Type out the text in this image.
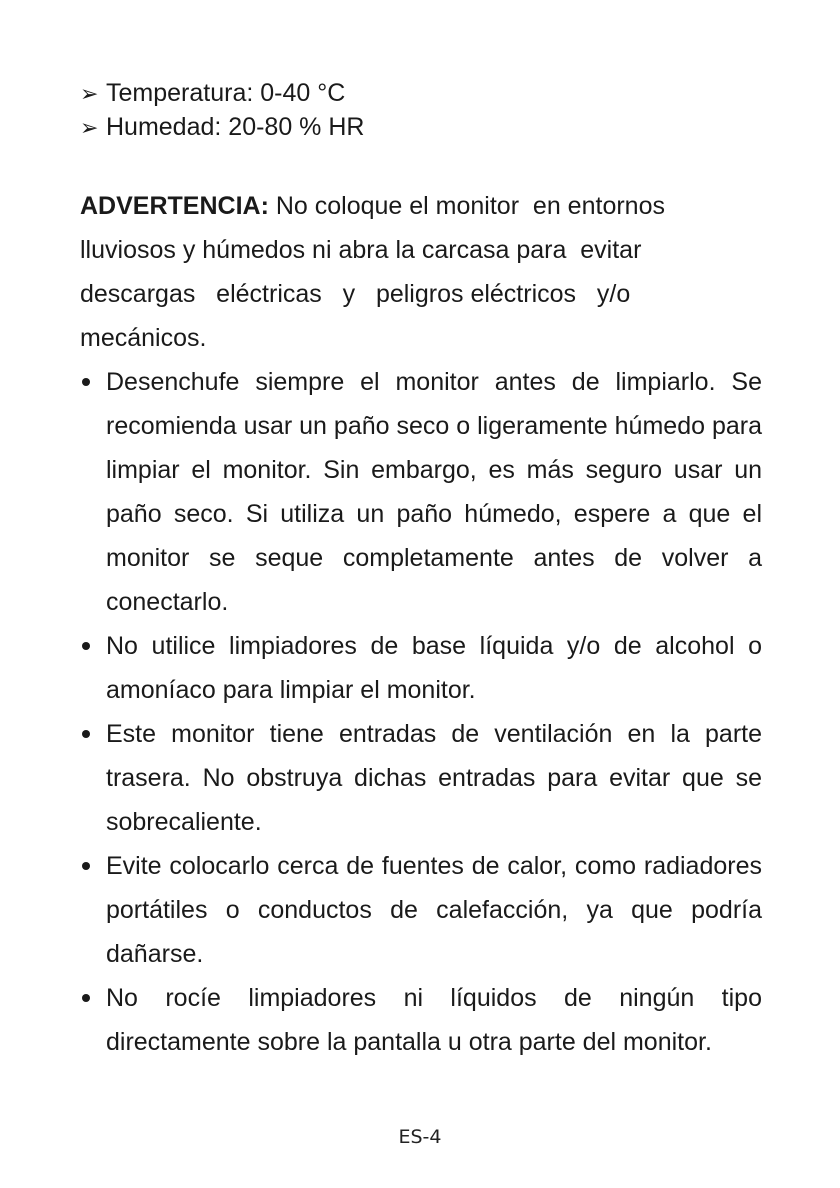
➢ Temperatura: 0-40 °C
➢ Humedad: 20-80 % HR

ADVERTENCIA: No coloque el monitor  en entornos lluviosos y húmedos ni abra la carcasa para  evitar  descargas   eléctricas   y   peligros eléctricos   y/o   mecánicos.

Desenchufe siempre el monitor antes de limpiarlo. Se recomienda usar un paño seco o ligeramente húmedo para limpiar el monitor. Sin embargo, es más seguro usar un paño seco. Si utiliza un paño húmedo, espere a que el monitor se seque completamente antes de volver a conectarlo.
No utilice limpiadores de base líquida y/o de alcohol o amoníaco para limpiar el monitor.
Este monitor tiene entradas de ventilación en la parte trasera. No obstruya dichas entradas para evitar que se sobrecaliente.
Evite colocarlo cerca de fuentes de calor, como radiadores portátiles o conductos de calefacción, ya que podría dañarse.
No rocíe limpiadores ni líquidos de ningún tipo directamente sobre la pantalla u otra parte del monitor.
ES-4
